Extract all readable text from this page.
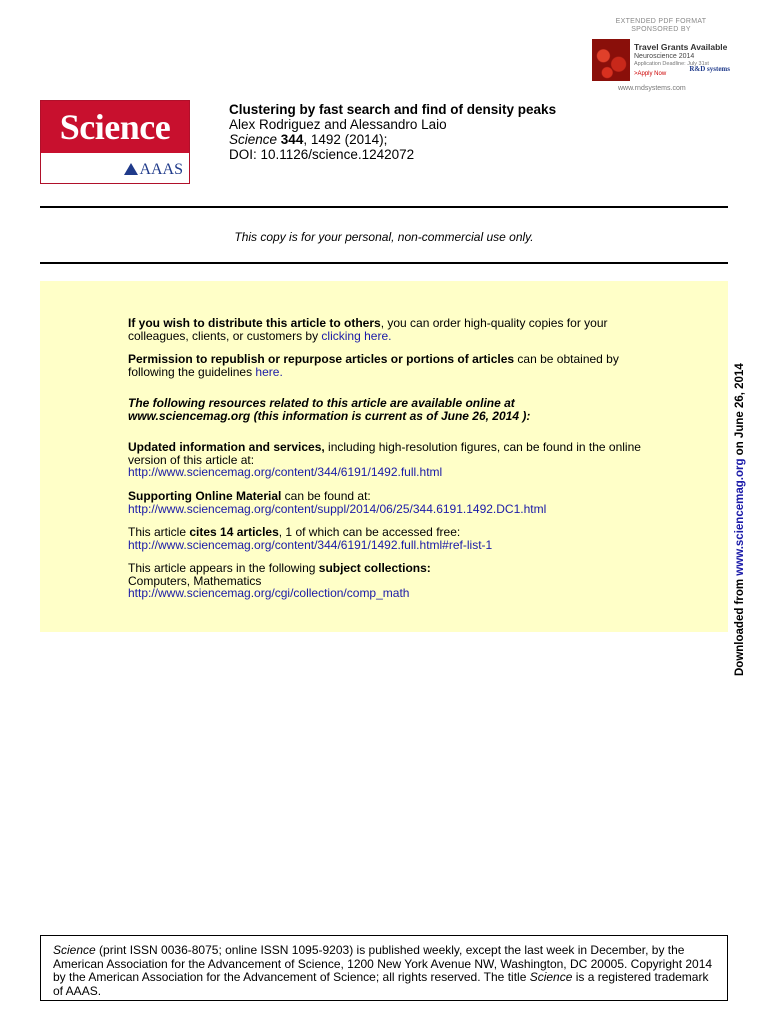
EXTENDED PDF FORMAT
SPONSORED BY
Travel Grants Available
Neuroscience 2014
Application Deadline: July 31st
>Apply Now
R&D systems
www.rndsystems.com
Science
AAAS
Clustering by fast search and find of density peaks
Alex Rodriguez and Alessandro Laio
Science 344, 1492 (2014);
DOI: 10.1126/science.1242072
This copy is for your personal, non-commercial use only.
If you wish to distribute this article to others, you can order high-quality copies for your
colleagues, clients, or customers by clicking here.
Permission to republish or repurpose articles or portions of articles can be obtained by
following the guidelines here.
The following resources related to this article are available online at
www.sciencemag.org (this information is current as of June 26, 2014 ):
Updated information and services, including high-resolution figures, can be found in the online
version of this article at:
http://www.sciencemag.org/content/344/6191/1492.full.html
Supporting Online Material can be found at:
http://www.sciencemag.org/content/suppl/2014/06/25/344.6191.1492.DC1.html
This article cites 14 articles, 1 of which can be accessed free:
http://www.sciencemag.org/content/344/6191/1492.full.html#ref-list-1
This article appears in the following subject collections:
Computers, Mathematics
http://www.sciencemag.org/cgi/collection/comp_math	Downloaded from www.sciencemag.org on June 26, 2014
Science (print ISSN 0036-8075; online ISSN 1095-9203) is published weekly, except the last week in December, by the American Association for the Advancement of Science, 1200 New York Avenue NW, Washington, DC 20005. Copyright 2014 by the American Association for the Advancement of Science; all rights reserved. The title Science is a registered trademark of AAAS.
